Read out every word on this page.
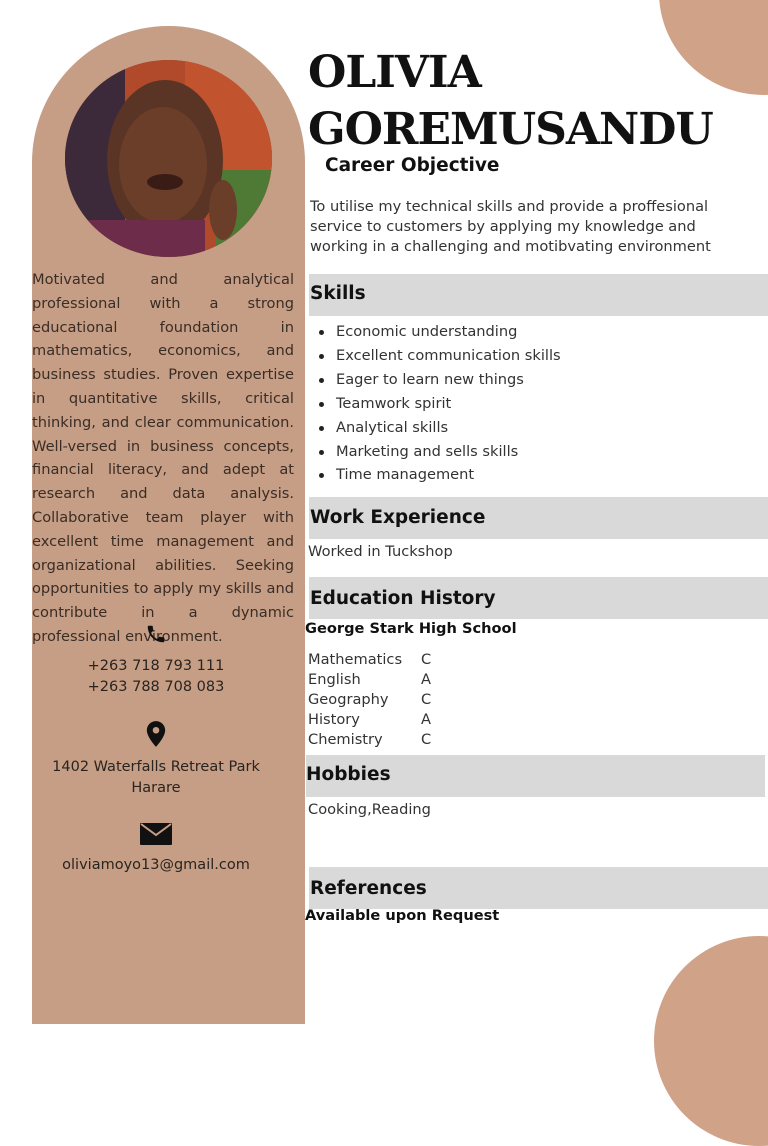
Motivated and analytical professional with a strong educational foundation in mathematics, economics, and business studies. Proven expertise in quantitative skills, critical thinking, and clear communication. Well-versed in business concepts, financial literacy, and adept at research and data analysis. Collaborative team player with excellent time management and organizational abilities. Seeking opportunities to apply my skills and contribute in a dynamic professional environment.
+263 718 793 111
+263 788 708 083
1402 Waterfalls Retreat Park
Harare
oliviamoyo13@gmail.com
OLIVIA
GOREMUSANDU
Career Objective
To utilise my technical skills and provide a proffesional service to customers by applying my knowledge and working in a challenging and motibvating environment
Skills
Economic understanding
Excellent communication skills
Eager to learn new things
Teamwork spirit
Analytical skills
Marketing and sells skills
Time management
Work Experience
Worked in Tuckshop
Education History
George Stark High School
Mathematics	C
English	A
Geography	C
History	A
Chemistry	C
Hobbies
Cooking,Reading
References
Available upon Request
